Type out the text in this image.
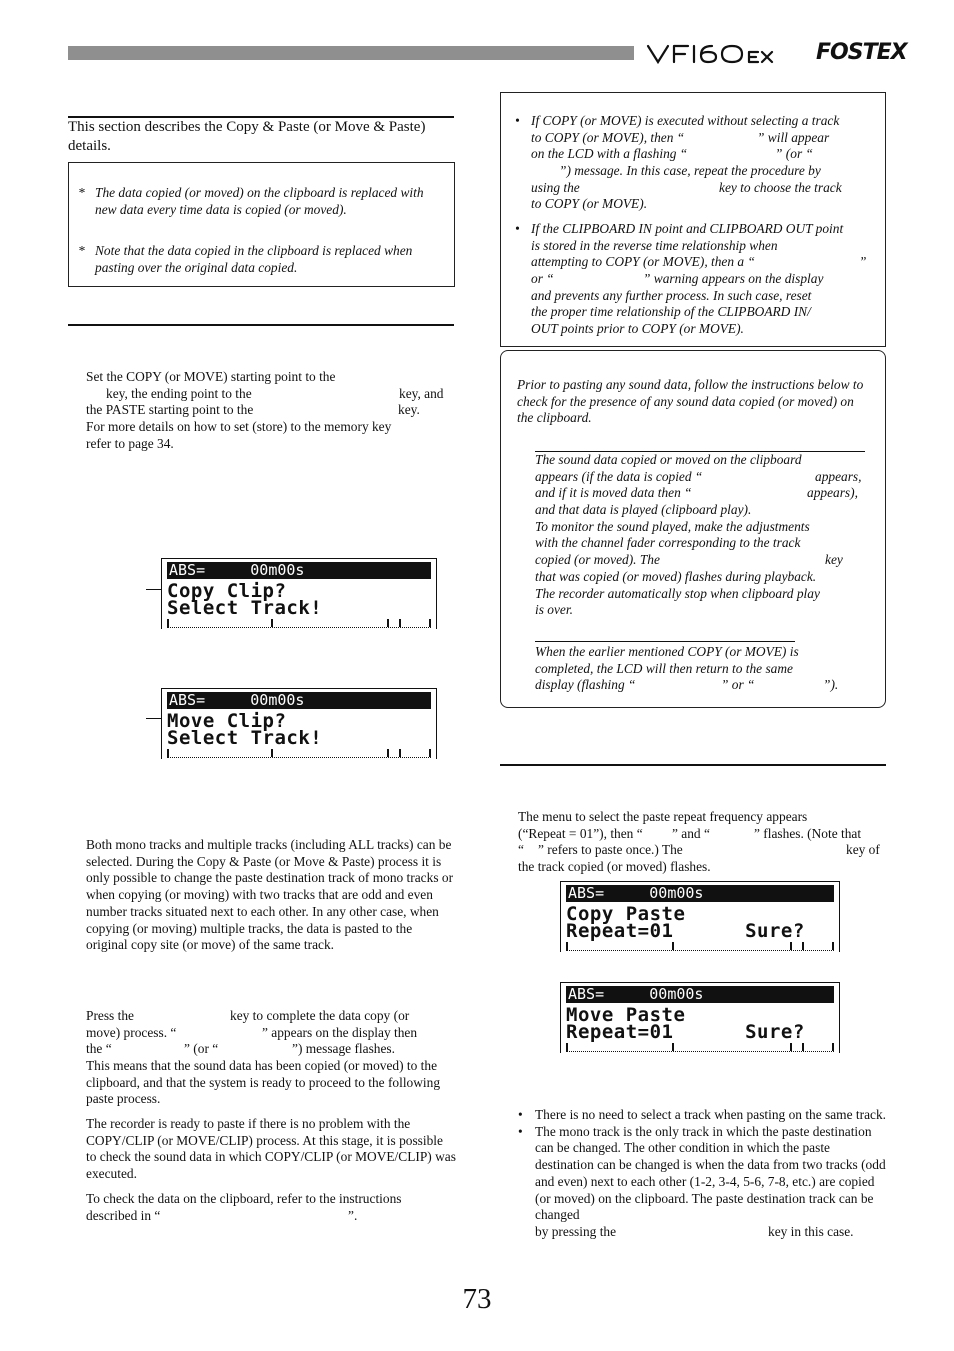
FOSTEX
This section describes the Copy & Paste (or Move & Paste) details.
* The data copied (or moved) on the clipboard is replaced with new data every time data is copied (or moved).
* Note that the data copied in the clipboard is replaced when pasting over the original data copied.
Set the COPY (or MOVE) starting point to the
key, the ending point to the	key, and
the PASTE starting point to the	key.
For more details on how to set (store) to the memory key
refer to page 34.
ABS=     00m00s
Copy Clip?
Select Track!
ABS=     00m00s
Move Clip?
Select Track!
Both mono tracks and multiple tracks (including ALL tracks) can be selected. During the Copy & Paste (or Move & Paste) process it is only possible to change the paste destination track of mono tracks or when copying (or moving) with two tracks that are odd and even number tracks situated next to each other. In any other case, when copying (or moving) multiple tracks, the data is pasted to the original copy site (or move) of the same track.
Press the	key to complete the data copy (or
move) process. “	” appears on the display then
the “	” (or “	”) message flashes.
This means that the sound data has been copied (or moved) to the clipboard, and that the system is ready to proceed to the following paste process.
The recorder is ready to paste if there is no problem with the COPY/CLIP (or MOVE/CLIP) process. At this stage, it is possible to check the sound data in which COPY/CLIP (or MOVE/CLIP) was executed.
To check the data on the clipboard, refer to the instructions
described in “	”.
• If COPY (or MOVE) is executed without selecting a track
to COPY (or MOVE), then “	” will appear
on the LCD with a flashing “	” (or “
”) message. In this case, repeat the procedure by
using the	key to choose the track
to COPY (or MOVE).
• If the CLIPBOARD IN point and CLIPBOARD OUT point
is stored in the reverse time relationship when
attempting to COPY (or MOVE), then a “	”
or “	” warning appears on the display
and prevents any further process. In such case, reset
the proper time relationship of the CLIPBOARD IN/
OUT points prior to COPY (or MOVE).
Prior to pasting any sound data, follow the instructions below to check for the presence of any sound data copied (or moved) on the clipboard.
The sound data copied or moved on the clipboard
appears (if the data is copied “	appears,
and if it is moved data then “	appears),
and that data is played (clipboard play).
To monitor the sound played, make the adjustments
with the channel fader corresponding to the track
copied (or moved). The	key
that was copied (or moved) flashes during playback.
The recorder automatically stop when clipboard play
is over.
When the earlier mentioned COPY (or MOVE) is
completed, the LCD will then return to the same
display (flashing “	” or “	”).
The menu to select the paste repeat frequency appears
(“Repeat = 01”), then “ ” and “	” flashes. (Note that
“ ” refers to paste once.) The	key of
the track copied (or moved) flashes.
ABS=     00m00s
Copy Paste
Repeat=01      Sure?
ABS=     00m00s
Move Paste
Repeat=01      Sure?
• There is no need to select a track when pasting on the same track.
• The mono track is the only track in which the paste destination can be changed. The other condition in which the paste destination can be changed is when the data from two tracks (odd and even) next to each other (1-2, 3-4, 5-6, 7-8, etc.) are copied (or moved) on the clipboard. The paste destination track can be changed
by pressing the	key in this case.
73
